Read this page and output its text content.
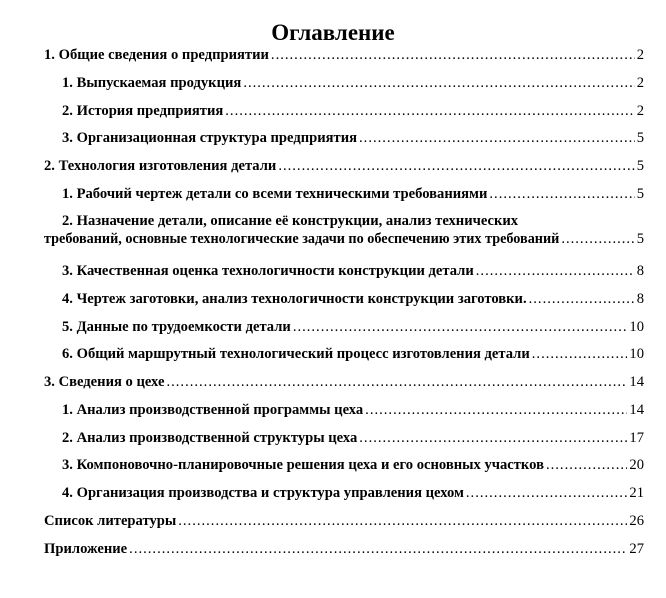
Оглавление
1. Общие сведения о предприятии .....	2
1. Выпускаемая продукция .....	2
2. История предприятия .....	2
3. Организационная структура предприятия .....	5
2. Технология изготовления детали .....	5
1. Рабочий чертеж детали со всеми техническими требованиями .....	5
2. Назначение детали, описание её конструкции, анализ технических
требований, основные технологические задачи по обеспечению этих требований .....	5
3. Качественная оценка технологичности конструкции детали .....	8
4. Чертеж заготовки, анализ технологичности конструкции заготовки. .....	8
5. Данные по трудоемкости детали .....	10
6. Общий маршрутный технологический процесс изготовления детали .....	10
3. Сведения о цехе .....	14
1. Анализ производственной программы цеха .....	14
2. Анализ производственной структуры цеха .....	17
3. Компоновочно-планировочные решения цеха и его основных участков .....	20
4. Организация производства и структура управления цехом .....	21
Список литературы .....	26
Приложение .....	27
